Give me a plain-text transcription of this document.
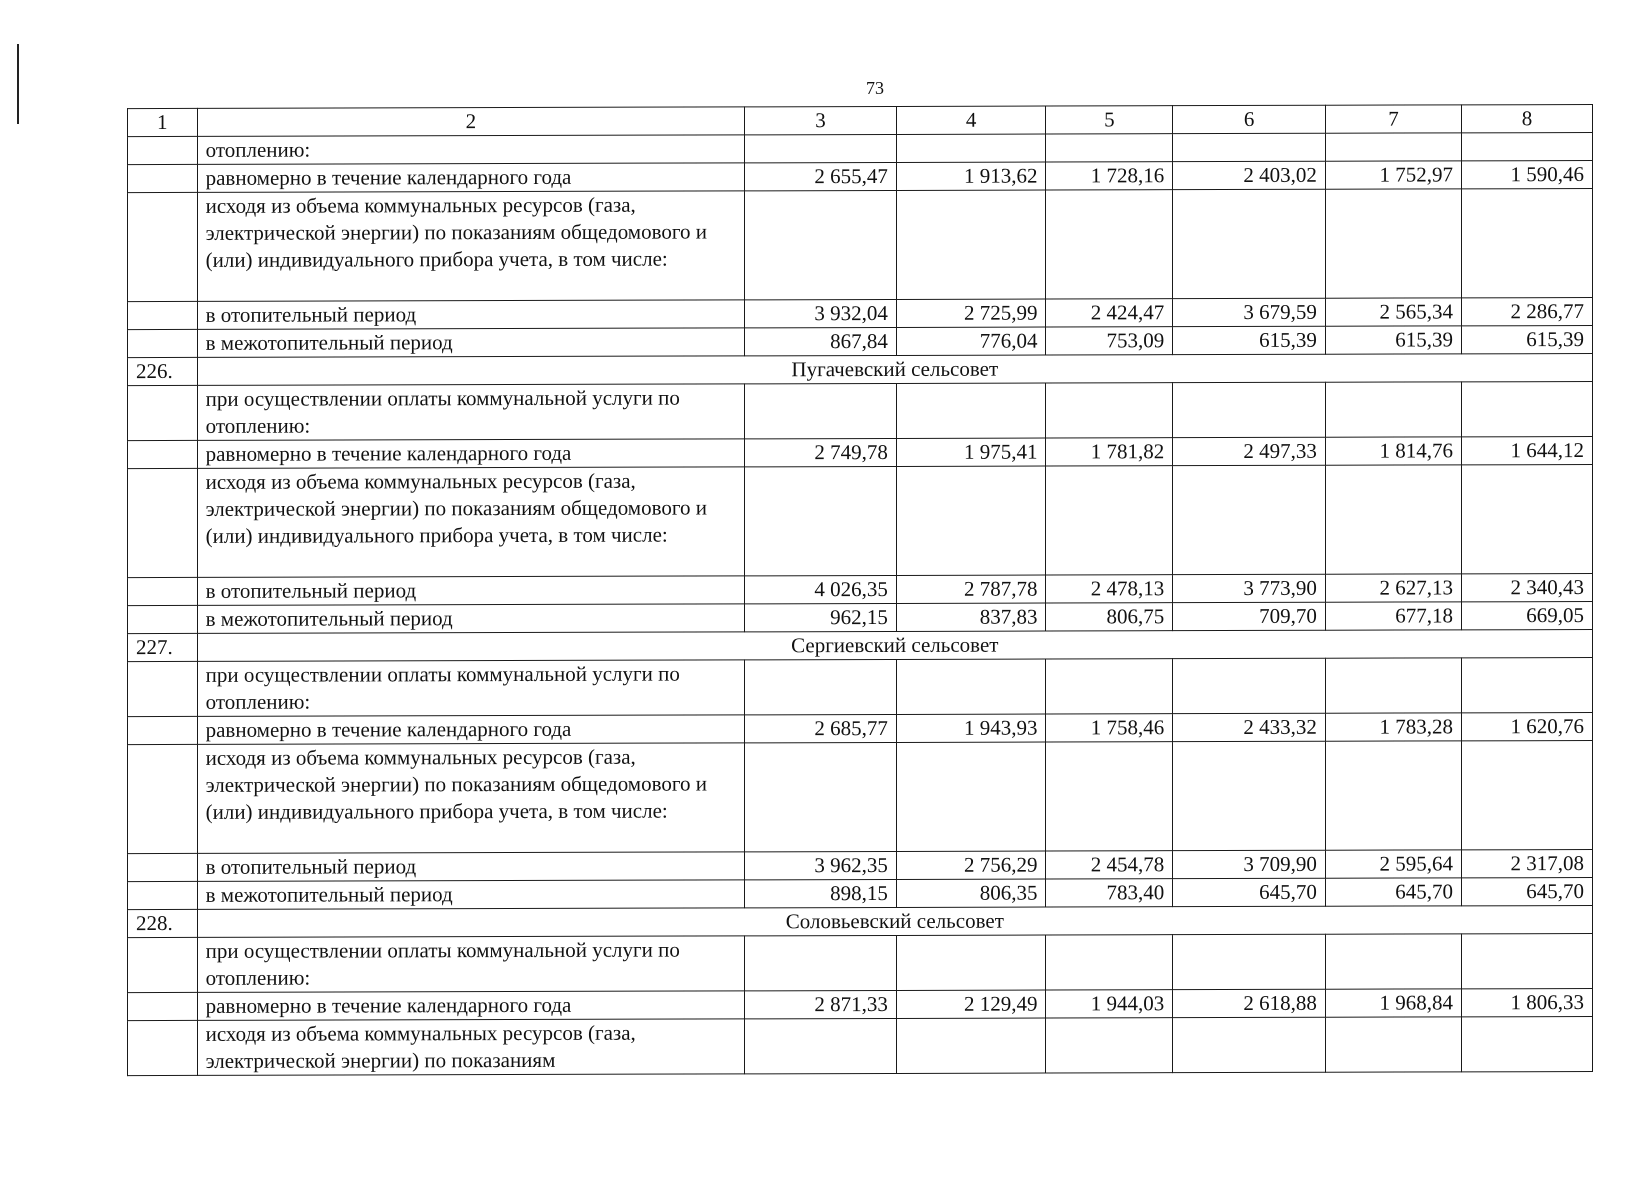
73
1	2	3	4	5	6	7	8
	отоплению:						
	равномерно в течение календарного года	2 655,47	1 913,62	1 728,16	2 403,02	1 752,97	1 590,46
	исходя из объема коммунальных ресурсов (газа, электрической энергии) по показаниям общедомового и (или) индивидуального прибора учета, в том числе:						
	в отопительный период	3 932,04	2 725,99	2 424,47	3 679,59	2 565,34	2 286,77
	в межотопительный период	867,84	776,04	753,09	615,39	615,39	615,39
226.	Пугачевский сельсовет						
	при осуществлении оплаты коммунальной услуги по отоплению:						
	равномерно в течение календарного года	2 749,78	1 975,41	1 781,82	2 497,33	1 814,76	1 644,12
	исходя из объема коммунальных ресурсов (газа, электрической энергии) по показаниям общедомового и (или) индивидуального прибора учета, в том числе:						
	в отопительный период	4 026,35	2 787,78	2 478,13	3 773,90	2 627,13	2 340,43
	в межотопительный период	962,15	837,83	806,75	709,70	677,18	669,05
227.	Сергиевский сельсовет						
	при осуществлении оплаты коммунальной услуги по отоплению:						
	равномерно в течение календарного года	2 685,77	1 943,93	1 758,46	2 433,32	1 783,28	1 620,76
	исходя из объема коммунальных ресурсов (газа, электрической энергии) по показаниям общедомового и (или) индивидуального прибора учета, в том числе:						
	в отопительный период	3 962,35	2 756,29	2 454,78	3 709,90	2 595,64	2 317,08
	в межотопительный период	898,15	806,35	783,40	645,70	645,70	645,70
228.	Соловьевский сельсовет						
	при осуществлении оплаты коммунальной услуги по отоплению:						
	равномерно в течение календарного года	2 871,33	2 129,49	1 944,03	2 618,88	1 968,84	1 806,33
	исходя из объема коммунальных ресурсов (газа, электрической энергии) по показаниям						
